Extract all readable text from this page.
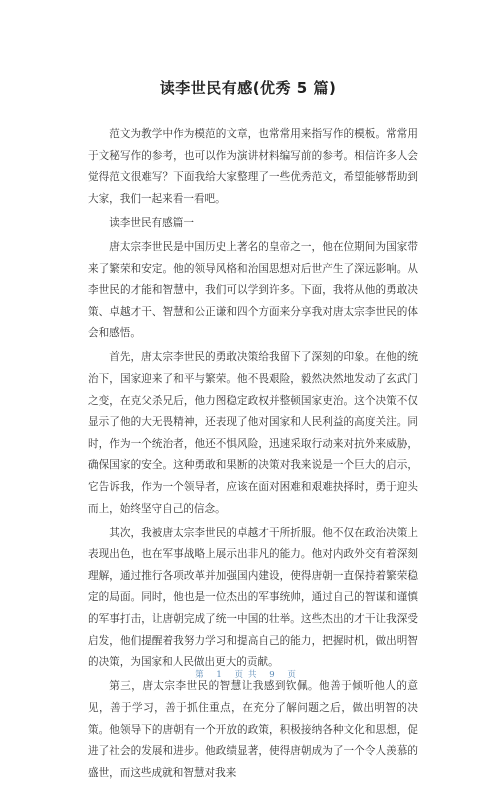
读李世民有感(优秀 5 篇)

范文为教学中作为模范的文章，也常常用来指写作的模板。常常用于文秘写作的参考，也可以作为演讲材料编写前的参考。相信许多人会觉得范文很难写？下面我给大家整理了一些优秀范文，希望能够帮助到大家，我们一起来看一看吧。

读李世民有感篇一

唐太宗李世民是中国历史上著名的皇帝之一，他在位期间为国家带来了繁荣和安定。他的领导风格和治国思想对后世产生了深远影响。从李世民的才能和智慧中，我们可以学到许多。下面，我将从他的勇敢决策、卓越才干、智慧和公正谦和四个方面来分享我对唐太宗李世民的体会和感悟。

首先，唐太宗李世民的勇敢决策给我留下了深刻的印象。在他的统治下，国家迎来了和平与繁荣。他不畏艰险，毅然决然地发动了玄武门之变，在克父杀兄后，他力图稳定政权并整顿国家吏治。这个决策不仅显示了他的大无畏精神，还表现了他对国家和人民利益的高度关注。同时，作为一个统治者，他还不惧风险，迅速采取行动来对抗外来威胁，确保国家的安全。这种勇敢和果断的决策对我来说是一个巨大的启示，它告诉我，作为一个领导者，应该在面对困难和艰难抉择时，勇于迎头而上，始终坚守自己的信念。

其次，我被唐太宗李世民的卓越才干所折服。他不仅在政治决策上表现出色，也在军事战略上展示出非凡的能力。他对内政外交有着深刻理解，通过推行各项改革并加强国内建设，使得唐朝一直保持着繁荣稳定的局面。同时，他也是一位杰出的军事统帅，通过自己的智谋和谨慎的军事打击，让唐朝完成了统一中国的壮举。这些杰出的才干让我深受启发，他们提醒着我努力学习和提高自己的能力，把握时机，做出明智的决策，为国家和人民做出更大的贡献。

第三，唐太宗李世民的智慧让我感到钦佩。他善于倾听他人的意见，善于学习，善于抓住重点，在充分了解问题之后，做出明智的决策。他领导下的唐朝有一个开放的政策，积极接纳各种文化和思想，促进了社会的发展和进步。他政绩显著，使得唐朝成为了一个令人羡慕的盛世，而这些成就和智慧对我来

第 1 页共 9 页
